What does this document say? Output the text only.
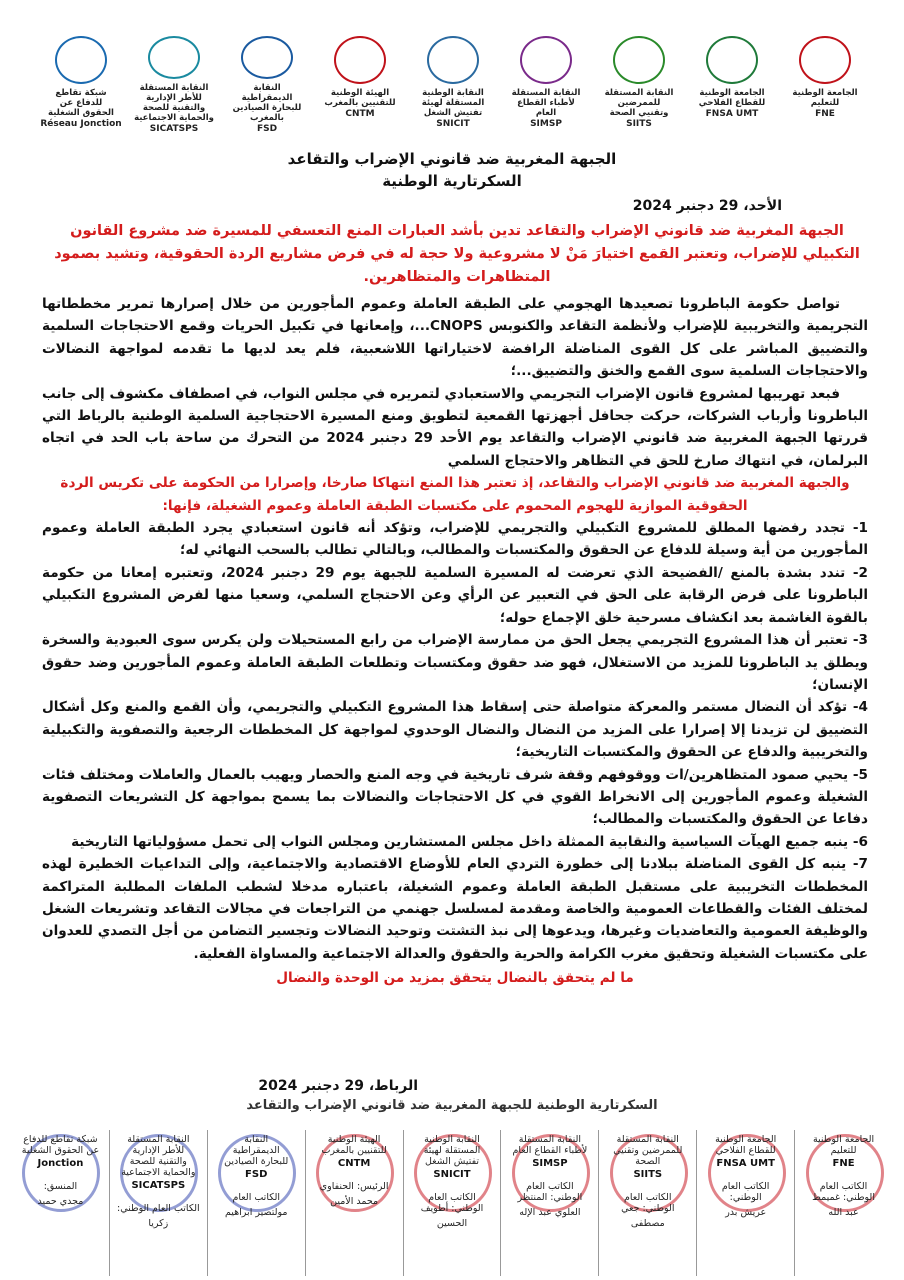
الجامعة الوطنية
للتعليم
FNE
الجامعة الوطنية
للقطاع الفلاحي
FNSA UMT
النقابة المستقلة
للممرضين
وتقنيي الصحة
SIITS
النقابة المستقلة
لأطباء القطاع
العام
SIMSP
النقابة الوطنية
المستقلة لهيئة
تفتيش الشغل
SNICIT
الهيئة الوطنية
للتقنيين بالمغرب
CNTM
النقابة
الديمقراطية
للبحارة الصيادين
بالمغرب
FSD
النقابة المستقلة
للأطر الإدارية
والتقنية للصحة
والحماية الاجتماعية
SICATSPS
شبكة تقاطع
للدفاع عن
الحقوق الشغلية
Réseau Jonction
الجبهة المغربية ضد قانوني الإضراب والتقاعد
السكرتارية الوطنية
الأحد، 29 دجنبر 2024
الجبهة المغربية ضد قانوني الإضراب والتقاعد تدين بأشد العبارات المنع التعسفي للمسيرة ضد مشروع القانون التكبيلي للإضراب، وتعتبر القمع اختيارَ مَنْ لا مشروعية ولا حجة له في فرض مشاريع الردة الحقوقية، وتشيد بصمود المتظاهرات والمتظاهرين.

تواصل حكومة الباطرونا تصعيدها الهجومي على الطبقة العاملة وعموم المأجورين من خلال إصرارها تمرير مخططاتها التجريمية والتخريبية للإضراب ولأنظمة التقاعد والكنوبس CNOPS...، وإمعانها في تكبيل الحريات وقمع الاحتجاجات السلمية والتضييق المباشر على كل القوى المناضلة الرافضة لاختياراتها اللاشعبية، فلم يعد لديها ما تقدمه لمواجهة النضالات والاحتجاجات السلمية سوى القمع والخنق والتضييق...؛

فبعد تهريبها لمشروع قانون الإضراب التجريمي والاستعبادي لتمريره في مجلس النواب، في اصطفاف مكشوف إلى جانب الباطرونا وأرباب الشركات، حركت جحافل أجهزتها القمعية لتطويق ومنع المسيرة الاحتجاجية السلمية الوطنية بالرباط التي قررتها الجبهة المغربية ضد قانوني الإضراب والتقاعد يوم الأحد 29 دجنبر 2024 من التحرك من ساحة باب الحد في اتجاه البرلمان، في انتهاك صارخ للحق في التظاهر والاحتجاج السلمي

والجبهة المغربية ضد قانوني الإضراب والتقاعد، إذ تعتبر هذا المنع انتهاكا صارخا، وإصرارا من الحكومة على تكريس الردة الحقوقية الموازية للهجوم المحموم على مكتسبات الطبقة العاملة وعموم الشغيلة، فإنها:

1- تجدد رفضها المطلق للمشروع التكبيلي والتجريمي للإضراب، وتؤكد أنه قانون استعبادي يجرد الطبقة العاملة وعموم المأجورين من أية وسيلة للدفاع عن الحقوق والمكتسبات والمطالب، وبالتالي تطالب بالسحب النهائي له؛

2- تندد بشدة بالمنع /الفضيحة الذي تعرضت له المسيرة السلمية للجبهة يوم 29 دجنبر 2024، وتعتبره إمعانا من حكومة الباطرونا على فرض الرقابة على الحق في التعبير عن الرأي وعن الاحتجاج السلمي، وسعيا منها لفرض المشروع التكبيلي بالقوة الغاشمة بعد انكشاف مسرحية خلق الإجماع حوله؛

3- تعتبر أن هذا المشروع التجريمي يجعل الحق من ممارسة الإضراب من رابع المستحيلات ولن يكرس سوى العبودية والسخرة ويطلق يد الباطرونا للمزيد من الاستغلال، فهو ضد حقوق ومكتسبات وتطلعات الطبقة العاملة وعموم المأجورين وضد حقوق الإنسان؛

4- تؤكد أن النضال مستمر والمعركة متواصلة حتى إسقاط هذا المشروع التكبيلي والتجريمي، وأن القمع والمنع وكل أشكال التضييق لن تزيدنا إلا إصرارا على المزيد من النضال والنضال الوحدوي لمواجهة كل المخططات الرجعية والتصفوية والتكبيلية والتخريبية والدفاع عن الحقوق والمكتسبات التاريخية؛

5- يحيي صمود المتظاهرين/ات ووقوفهم وقفة شرف تاريخية في وجه المنع والحصار ويهيب بالعمال والعاملات ومختلف فئات الشغيلة وعموم المأجورين إلى الانخراط القوي في كل الاحتجاجات والنضالات بما يسمح بمواجهة كل التشريعات التصفوية دفاعا عن الحقوق والمكتسبات والمطالب؛

6- ينبه جميع الهيآت السياسية والنقابية الممثلة داخل مجلس المستشارين ومجلس النواب إلى تحمل مسؤولياتها التاريخية

7- ينبه كل القوى المناضلة ببلادنا إلى خطورة التردي العام للأوضاع الاقتصادية والاجتماعية، وإلى التداعيات الخطيرة لهذه المخططات التخريبية على مستقبل الطبقة العاملة وعموم الشغيلة، باعتباره مدخلا لشطب الملفات المطلبة المتراكمة لمختلف الفئات والقطاعات العمومية والخاصة ومقدمة لمسلسل جهنمي من التراجعات في مجالات التقاعد وتشريعات الشغل والوظيفة العمومية والتعاضديات وغيرها، ويدعوها إلى نبذ التشتت وتوحيد النضالات وتجسير التضامن من أجل التصدي للعدوان على مكتسبات الشغيلة وتحقيق مغرب الكرامة والحرية والحقوق والعدالة الاجتماعية والمساواة الفعلية.

ما لم يتحقق بالنضال يتحقق بمزيد من الوحدة والنضال

الرباط، 29 دجنبر 2024
السكرتارية الوطنية للجبهة المغربية ضد قانوني الإضراب والتقاعد
الجامعة الوطنية
للتعليم
FNE
الكاتب العام
الوطني: غميمط
عبد الله
الجامعة الوطنية
للقطاع الفلاحي
FNSA UMT
الكاتب العام
الوطني:
عريش بدر
النقابة المستقلة
للممرضين وتقنيي
الصحة
SIITS
الكاتب العام
الوطني: جعي
مصطفى
النقابة المستقلة
لأطباء القطاع العام
SIMSP
الكاتب العام
الوطني: المنتظر
العلوي عبد الإله
النقابة الوطنية
المستقلة لهيئة
تفتيش الشغل
SNICIT
الكاتب العام
الوطني: أطويف
الحسين
الهيئة الوطنية
للتقنيين بالمغرب
CNTM
الرئيس: الحنفاوي
محمد الأمين
النقابة
الديمقراطية
للبحارة الصيادين
FSD
الكاتب العام
مولتصير ابراهيم
النقابة المستقلة
للأطر الإدارية
والتقنية للصحة
والحماية الاجتماعية
SICATSPS
الكاتب العام الوطني:
زكريا
شبكة تقاطع للدفاع
عن الحقوق الشغلية
Jonction
المنسق:
مجدي حميد
